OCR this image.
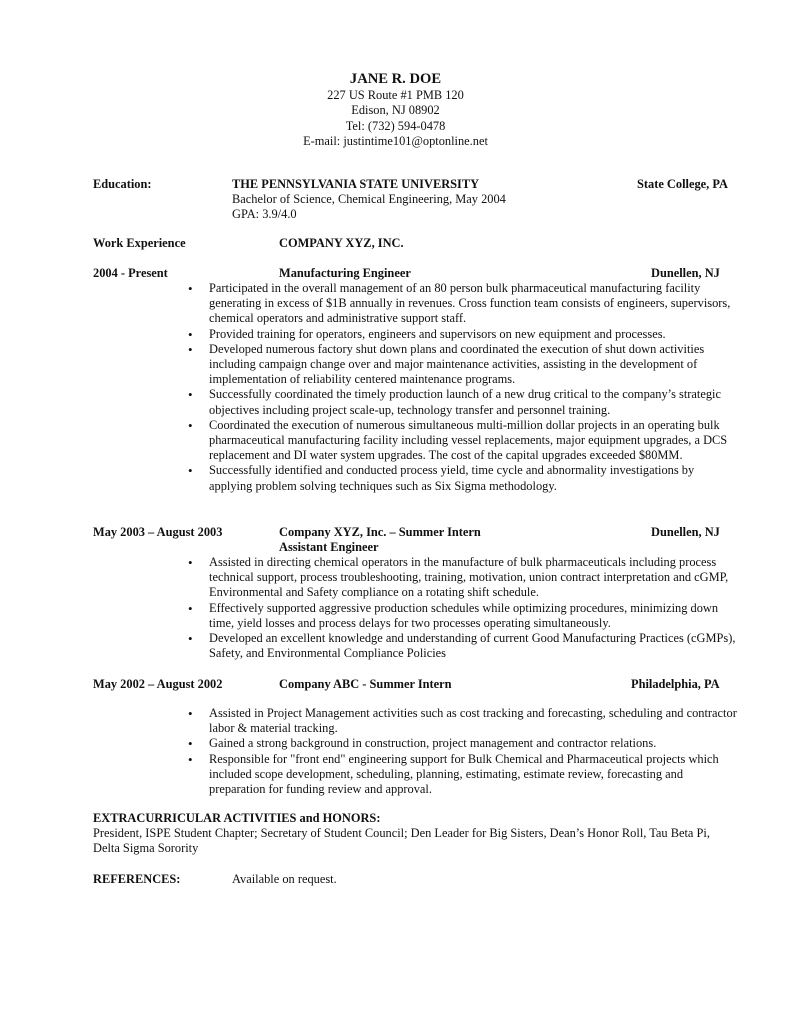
JANE R. DOE
227 US Route #1 PMB 120
Edison, NJ 08902
Tel: (732) 594-0478
E-mail: justintime101@optonline.net
Education:	THE PENNSYLVANIA STATE UNIVERSITY	State College, PA
Bachelor of Science, Chemical Engineering, May 2004
GPA: 3.9/4.0
Work Experience	COMPANY XYZ, INC.
2004 - Present	Manufacturing Engineer	Dunellen, NJ
• Participated in the overall management of an 80 person bulk pharmaceutical manufacturing facility generating in excess of $1B annually in revenues. Cross function team consists of engineers, supervisors, chemical operators and administrative support staff.
• Provided training for operators, engineers and supervisors on new equipment and processes.
• Developed numerous factory shut down plans and coordinated the execution of shut down activities including campaign change over and major maintenance activities, assisting in the development of implementation of reliability centered maintenance programs.
• Successfully coordinated the timely production launch of a new drug critical to the company’s strategic objectives including project scale-up, technology transfer and personnel training.
• Coordinated the execution of numerous simultaneous multi-million dollar projects in an operating bulk pharmaceutical manufacturing facility including vessel replacements, major equipment upgrades, a DCS replacement and DI water system upgrades. The cost of the capital upgrades exceeded $80MM.
• Successfully identified and conducted process yield, time cycle and abnormality investigations by applying problem solving techniques such as Six Sigma methodology.
May 2003 – August 2003	Company XYZ, Inc. – Summer Intern	Dunellen, NJ
Assistant Engineer
• Assisted in directing chemical operators in the manufacture of bulk pharmaceuticals including process technical support, process troubleshooting, training, motivation, union contract interpretation and cGMP, Environmental and Safety compliance on a rotating shift schedule.
• Effectively supported aggressive production schedules while optimizing procedures, minimizing down time, yield losses and process delays for two processes operating simultaneously.
• Developed an excellent knowledge and understanding of current Good Manufacturing Practices (cGMPs), Safety, and Environmental Compliance Policies
May 2002 – August 2002	Company ABC - Summer Intern	Philadelphia, PA
• Assisted in Project Management activities such as cost tracking and forecasting, scheduling and contractor labor & material tracking.
• Gained a strong background in construction, project management and contractor relations.
• Responsible for "front end" engineering support for Bulk Chemical and Pharmaceutical projects which included scope development, scheduling, planning, estimating, estimate review, forecasting and preparation for funding review and approval.
EXTRACURRICULAR ACTIVITIES and HONORS:
President, ISPE Student Chapter; Secretary of Student Council; Den Leader for Big Sisters, Dean’s Honor Roll, Tau Beta Pi, Delta Sigma Sorority
REFERENCES:	Available on request.
